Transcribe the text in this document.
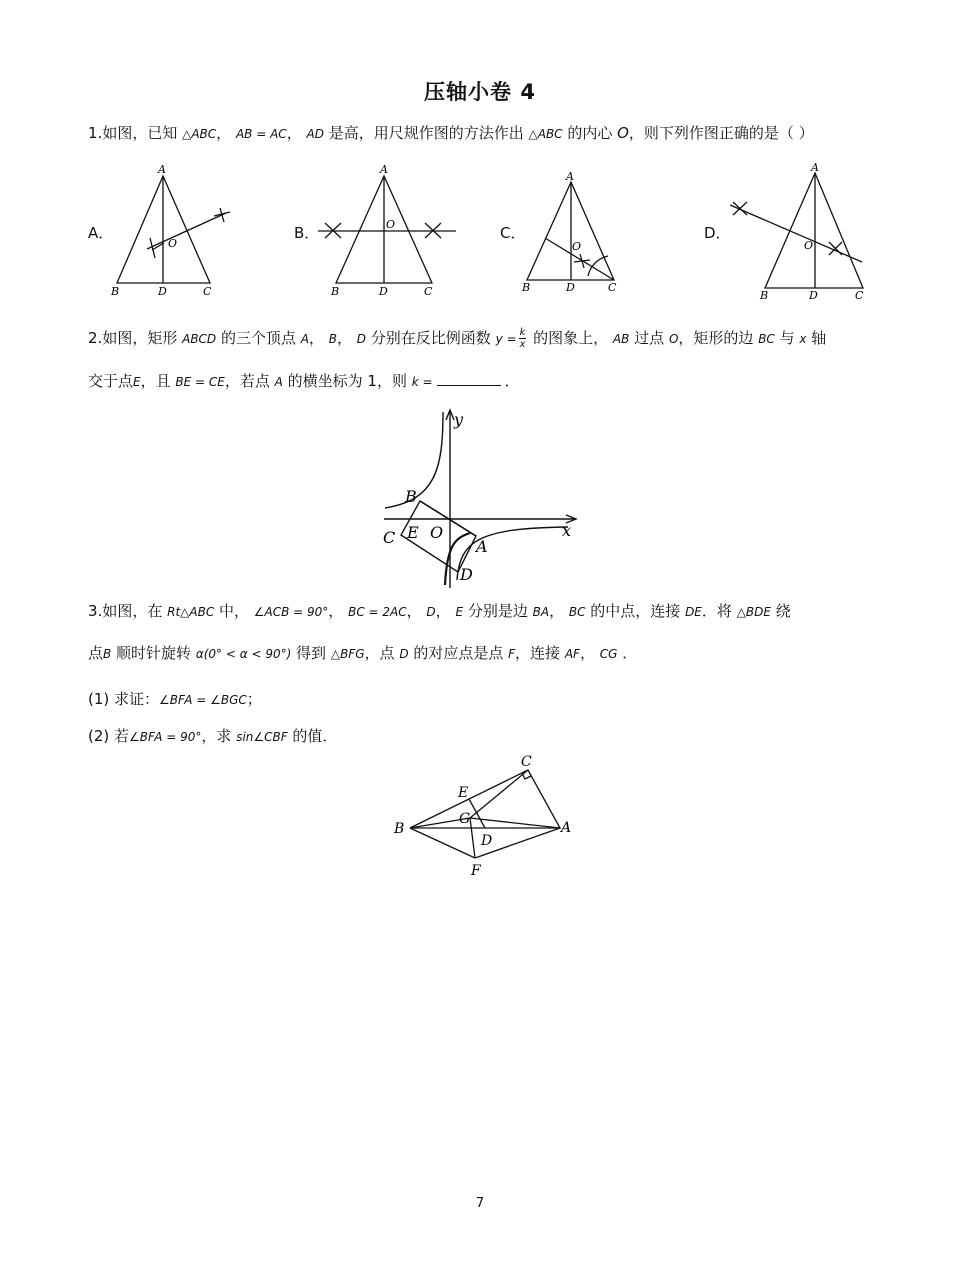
压轴小卷 4
1.如图，已知 △ABC， AB = AC， AD 是高，用尺规作图的方法作出 △ABC 的内心 O，则下列作图正确的是（ ）
A．	B．	C．	D．
A
B	D	C
O
A
B	D	C
O
A
B	D	C
O
A
B	D	C
O
2.如图，矩形 ABCD 的三个顶点 A， B， D 分别在反比例函数 $y = \frac{k}{x}$ 的图象上， AB 过点 O，矩形的边 BC 与 x 轴
交于点E，且 BE = CE，若点 A 的横坐标为 1，则 k =	．
y
x
B
E O
C	A
D
3.如图，在 Rt△ABC 中， ∠ACB = 90°， BC = 2AC， D， E 分别是边 BA， BC 的中点，连接 DE．将 △BDE 绕
点B 顺时针旋转 α(0° < α < 90°) 得到 △BFG，点 D 的对应点是点 F，连接 AF， CG ．
(1) 求证：∠BFA = ∠BGC；
(2) 若∠BFA = 90°，求 sin∠CBF 的值．
C
E
G
B
D
A
F
7
